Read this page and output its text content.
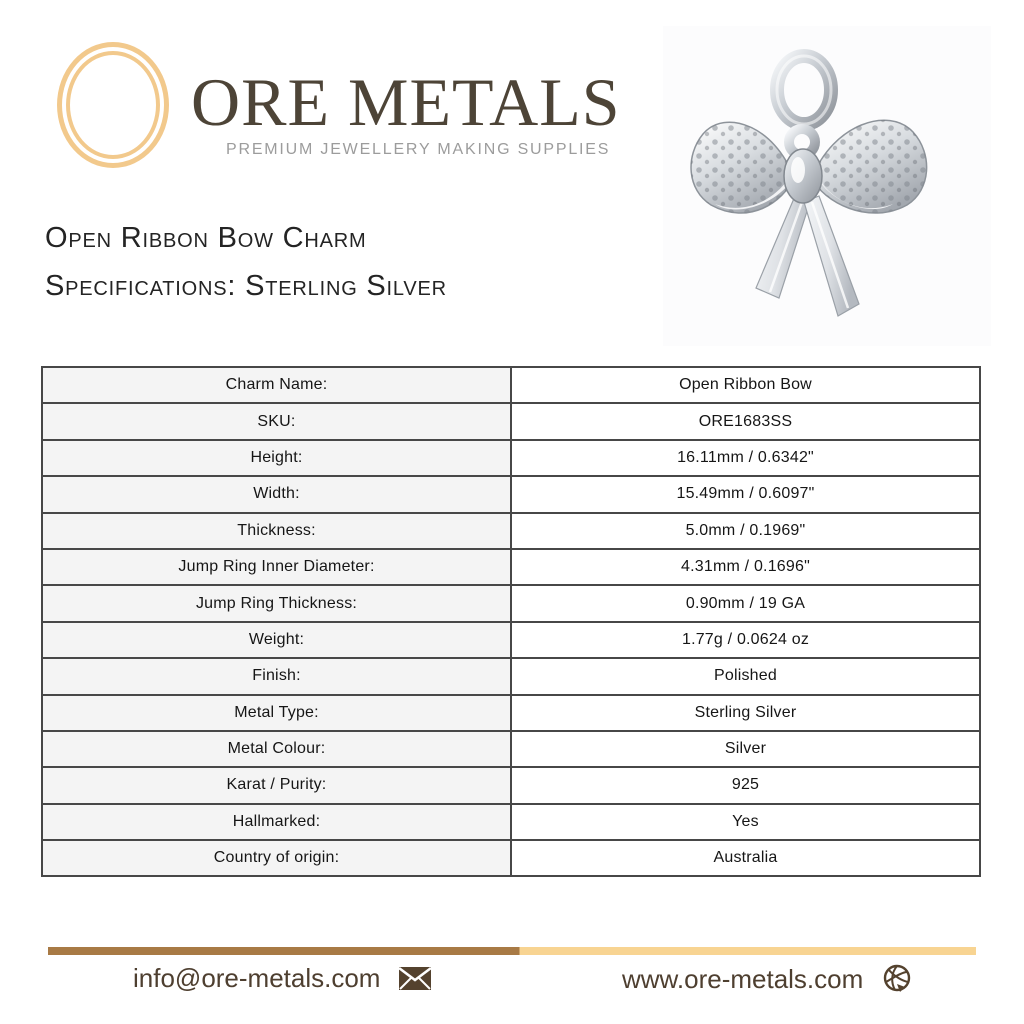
ORE METALS
PREMIUM JEWELLERY MAKING SUPPLIES
Open Ribbon Bow Charm
Specifications: Sterling Silver
Charm Name:	Open Ribbon Bow
SKU:	ORE1683SS
Height:	16.11mm / 0.6342"
Width:	15.49mm / 0.6097"
Thickness:	5.0mm / 0.1969"
Jump Ring Inner Diameter:	4.31mm / 0.1696"
Jump Ring Thickness:	0.90mm / 19 GA
Weight:	1.77g / 0.0624 oz
Finish:	Polished
Metal Type:	Sterling Silver
Metal Colour:	Silver
Karat / Purity:	925
Hallmarked:	Yes
Country of origin:	Australia
info@ore-metals.com	www.ore-metals.com
